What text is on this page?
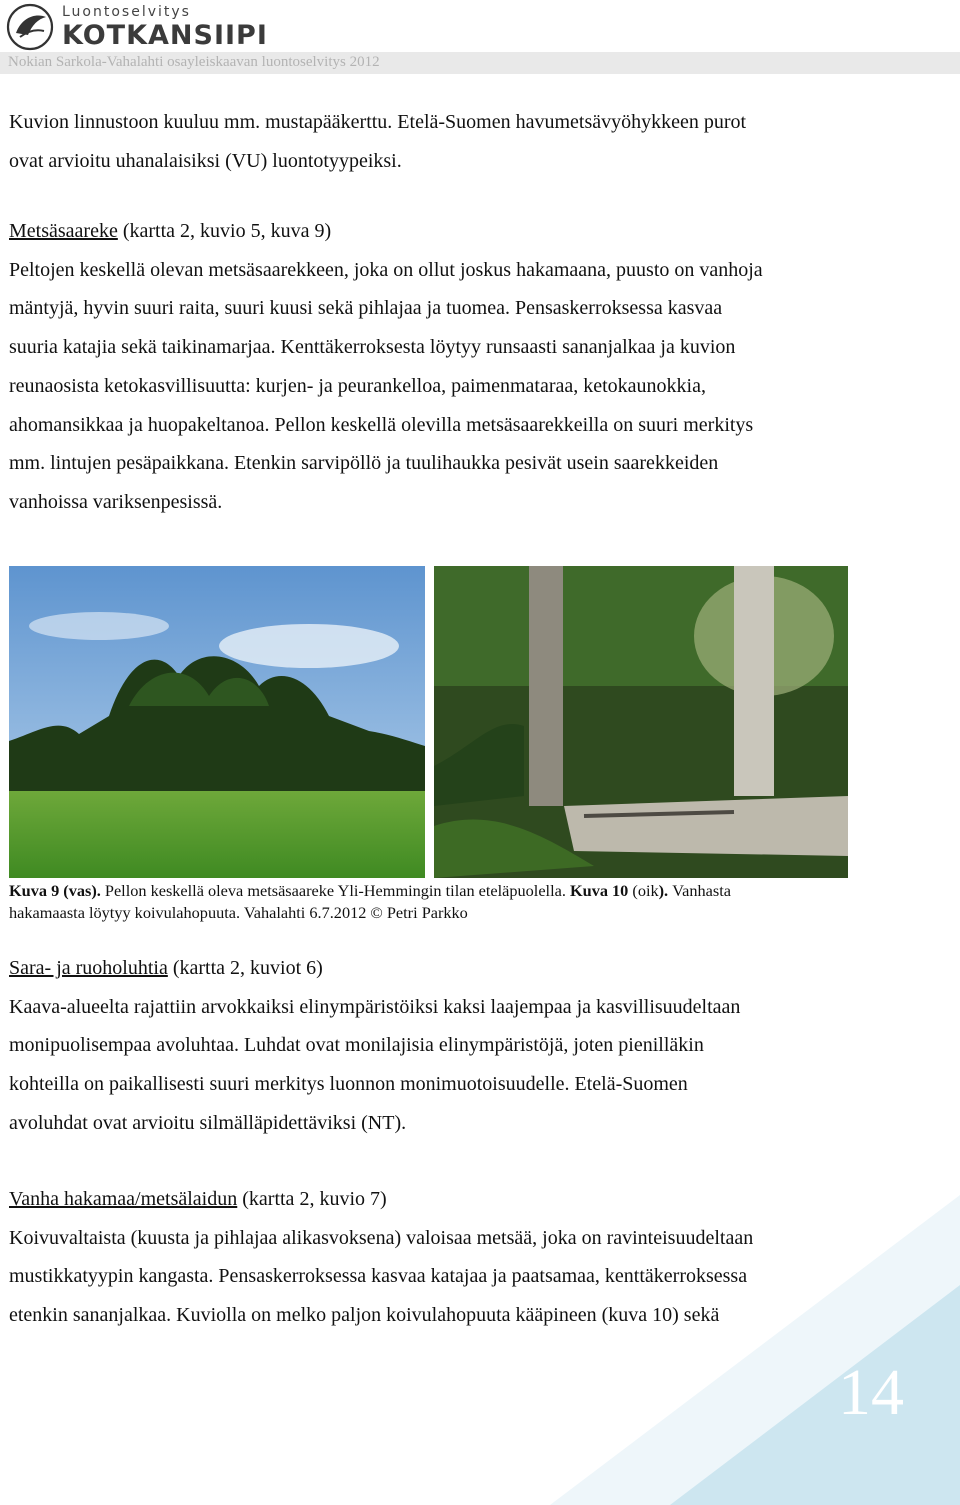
Luontoselvitys
KOTKANSIIPI
Nokian Sarkola-Vahalahti osayleiskaavan luontoselvitys 2012
14

Kuvion linnustoon kuuluu mm. mustapääkerttu. Etelä-Suomen havumetsävyöhykkeen purot
ovat arvioitu uhanalaisiksi (VU) luontotyypeiksi.

Metsäsaareke (kartta 2, kuvio 5, kuva 9)
Peltojen keskellä olevan metsäsaarekkeen, joka on ollut joskus hakamaana, puusto on vanhoja
mäntyjä, hyvin suuri raita, suuri kuusi sekä pihlajaa ja tuomea. Pensaskerroksessa kasvaa
suuria katajia sekä taikinamarjaa. Kenttäkerroksesta löytyy runsaasti sananjalkaa ja kuvion
reunaosista ketokasvillisuutta: kurjen- ja peurankelloa, paimenmataraa, ketokaunokkia,
ahomansikkaa ja huopakeltanoa. Pellon keskellä olevilla metsäsaarekkeilla on suuri merkitys
mm. lintujen pesäpaikkana. Etenkin sarvipöllö ja tuulihaukka pesivät usein saarekkeiden
vanhoissa variksenpesissä.

Kuva 9 (vas). Pellon keskellä oleva metsäsaareke Yli-Hemmingin tilan eteläpuolella. Kuva 10 (oik). Vanhasta
hakamaasta löytyy koivulahopuuta. Vahalahti 6.7.2012 © Petri Parkko

Sara- ja ruoholuhtia (kartta 2, kuviot 6)
Kaava-alueelta rajattiin arvokkaiksi elinympäristöiksi kaksi laajempaa ja kasvillisuudeltaan
monipuolisempaa avoluhtaa. Luhdat ovat monilajisia elinympäristöjä, joten pienilläkin
kohteilla on paikallisesti suuri merkitys luonnon monimuotoisuudelle. Etelä-Suomen
avoluhdat ovat arvioitu silmälläpidettäviksi (NT).

Vanha hakamaa/metsälaidun (kartta 2, kuvio 7)
Koivuvaltaista (kuusta ja pihlajaa alikasvoksena) valoisaa metsää, joka on ravinteisuudeltaan
mustikkatyypin kangasta. Pensaskerroksessa kasvaa katajaa ja paatsamaa, kenttäkerroksessa
etenkin sananjalkaa. Kuviolla on melko paljon koivulahopuuta kääpineen (kuva 10) sekä
